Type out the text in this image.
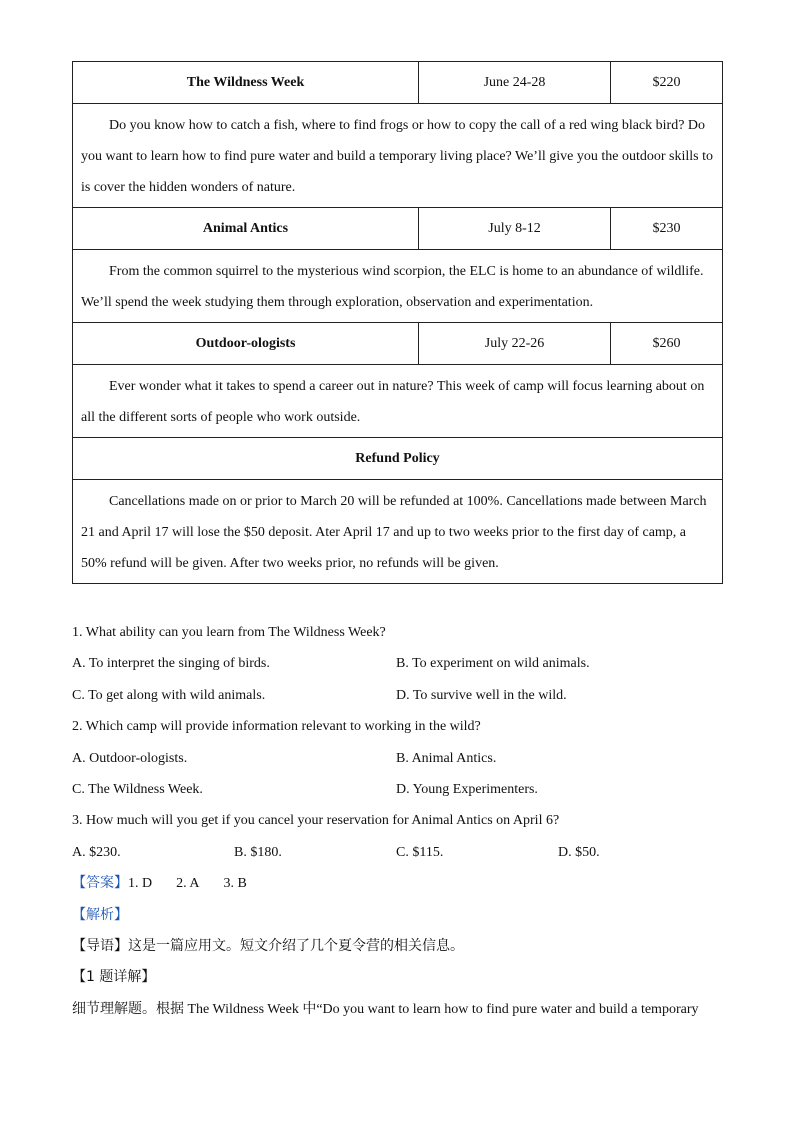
The Wildness Week	June 24-28	$220

Do you know how to catch a fish, where to find frogs or how to copy the call of a red wing black bird? Do you want to learn how to find pure water and build a temporary living place? We’ll give you the outdoor skills to is cover the hidden wonders of nature.		

Animal Antics	July 8-12	$230

From the common squirrel to the mysterious wind scorpion, the ELC is home to an abundance of wildlife. We’ll spend the week studying them through exploration, observation and experimentation.		

Outdoor-ologists	July 22-26	$260

Ever wonder what it takes to spend a career out in nature? This week of camp will focus learning about on all the different sorts of people who work outside.		

Refund Policy		

Cancellations made on or prior to March 20 will be refunded at 100%. Cancellations made between March 21 and April 17 will lose the $50 deposit. Ater April 17 and up to two weeks prior to the first day of camp, a 50% refund will be given. After two weeks prior, no refunds will be given.		

1. What ability can you learn from The Wildness Week?
A. To interpret the singing of birds.	B. To experiment on wild animals.
C. To get along with wild animals.	D. To survive well in the wild.
2. Which camp will provide information relevant to working in the wild?
A. Outdoor-ologists.	B. Animal Antics.
C. The Wildness Week.	D. Young Experimenters.
3. How much will you get if you cancel your reservation for Animal Antics on April 6?
A. $230.	B. $180.	C. $115.	D. $50.
【答案】1. D 2. A 3. B
【解析】
【导语】这是一篇应用文。短文介绍了几个夏令营的相关信息。
【1 题详解】
细节理解题。根据 The Wildness Week 中“Do you want to learn how to find pure water and build a temporary
